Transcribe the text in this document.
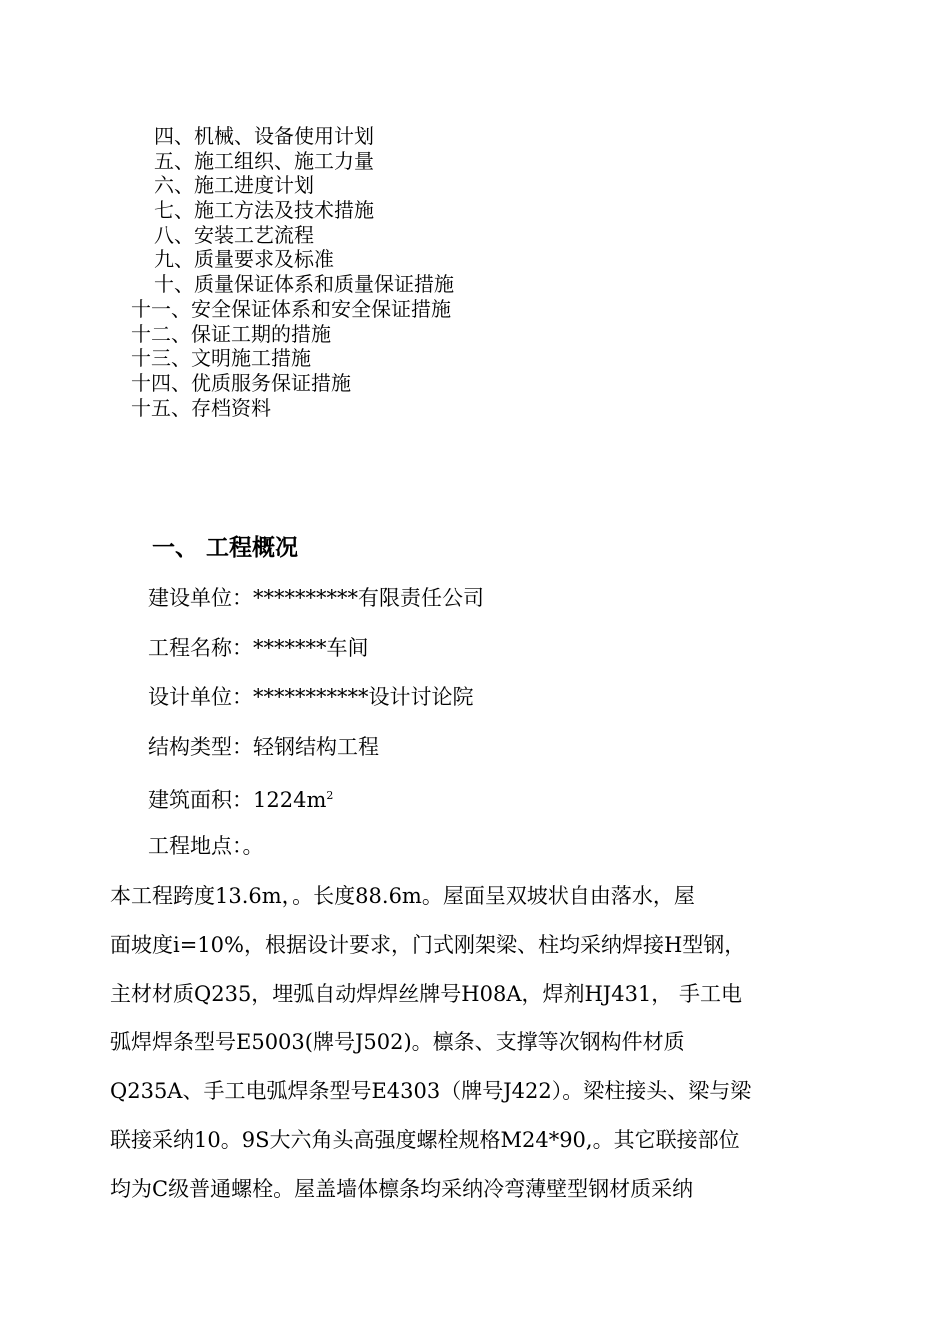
四、机械、设备使用计划
五、施工组织、施工力量
六、施工进度计划
七、施工方法及技术措施
八、安装工艺流程
九、质量要求及标准
十、质量保证体系和质量保证措施
十一、安全保证体系和安全保证措施
十二、保证工期的措施
十三、文明施工措施
十四、优质服务保证措施
十五、存档资料
一、 工程概况
建设单位：**********有限责任公司
工程名称：*******车间
设计单位：***********设计讨论院
结构类型：轻钢结构工程
建筑面积：$1224m^2$
工程地点：。
本工程跨度13.6m，。长度88.6m。屋面呈双坡状自由落水，屋
面坡度i=10%，根据设计要求，门式刚架梁、柱均采纳焊接H型钢，
主材材质Q235，埋弧自动焊焊丝牌号H08A，焊剂HJ431， 手工电
弧焊焊条型号E5003(牌号J502)。檩条、支撑等次钢构件材质
Q235A、手工电弧焊条型号E4303（牌号J422）。梁柱接头、梁与梁
联接采纳10。9S大六角头高强度螺栓规格M24*90,。其它联接部位
均为C级普通螺栓。屋盖墙体檩条均采纳冷弯薄壁型钢材质采纳
